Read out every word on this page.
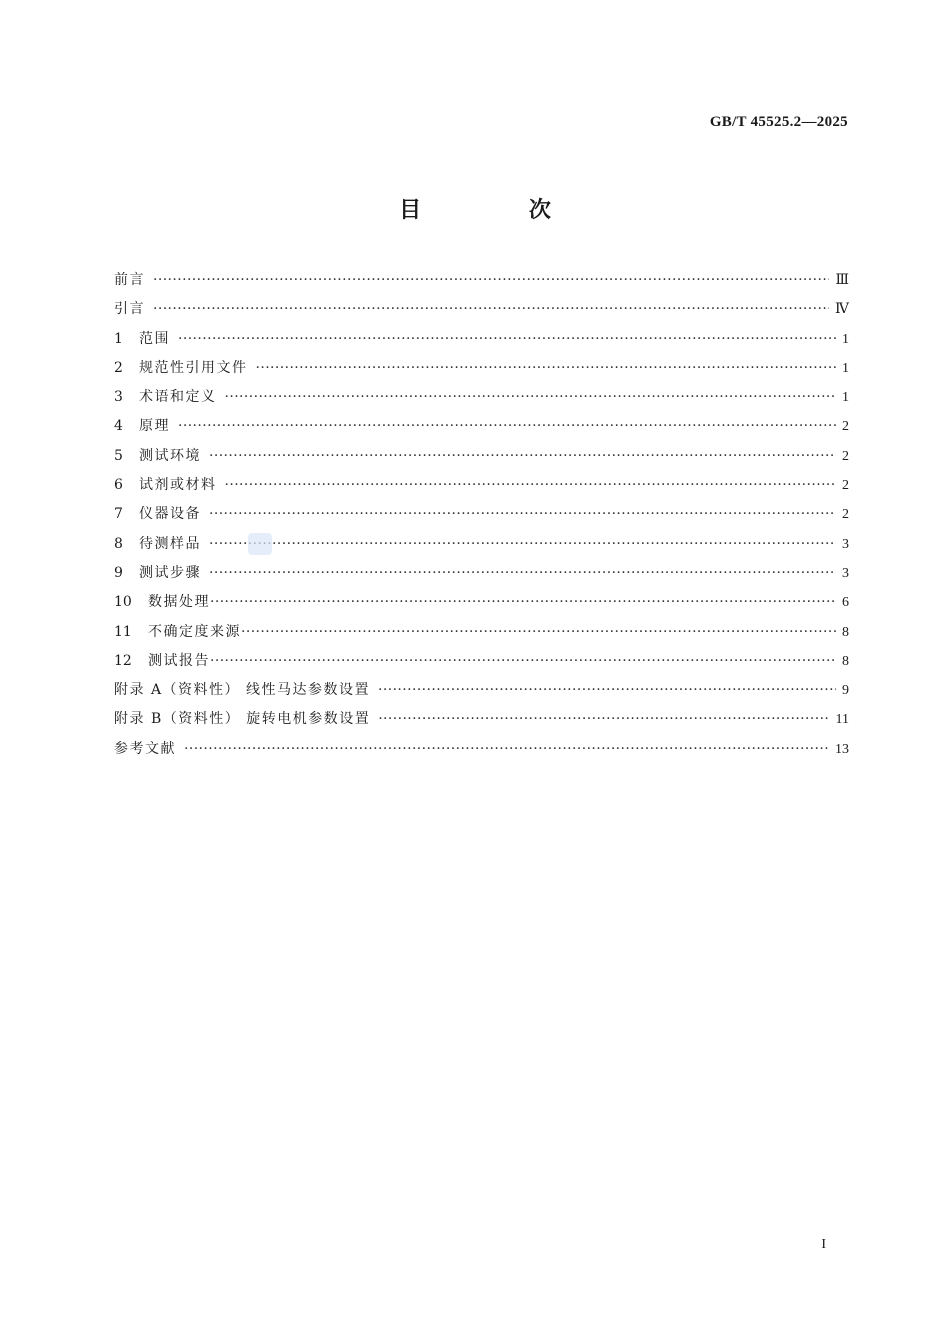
GB/T 45525.2—2025
目 次
前言 ·····	Ⅲ
引言 ·····	Ⅳ
1	范围 ·····	1
2	规范性引用文件 ·····	1
3	术语和定义 ·····	1
4	原理 ·····	2
5	测试环境 ·····	2
6	试剂或材料 ·····	2
7	仪器设备 ·····	2
8	待测样品 ·····	3
9	测试步骤 ·····	3
10	数据处理 ·····	6
11	不确定度来源 ·····	8
12	测试报告 ·····	8
附录 A（资料性） 线性马达参数设置 ·····	9
附录 B（资料性） 旋转电机参数设置 ·····	11
参考文献 ·····	13
I
